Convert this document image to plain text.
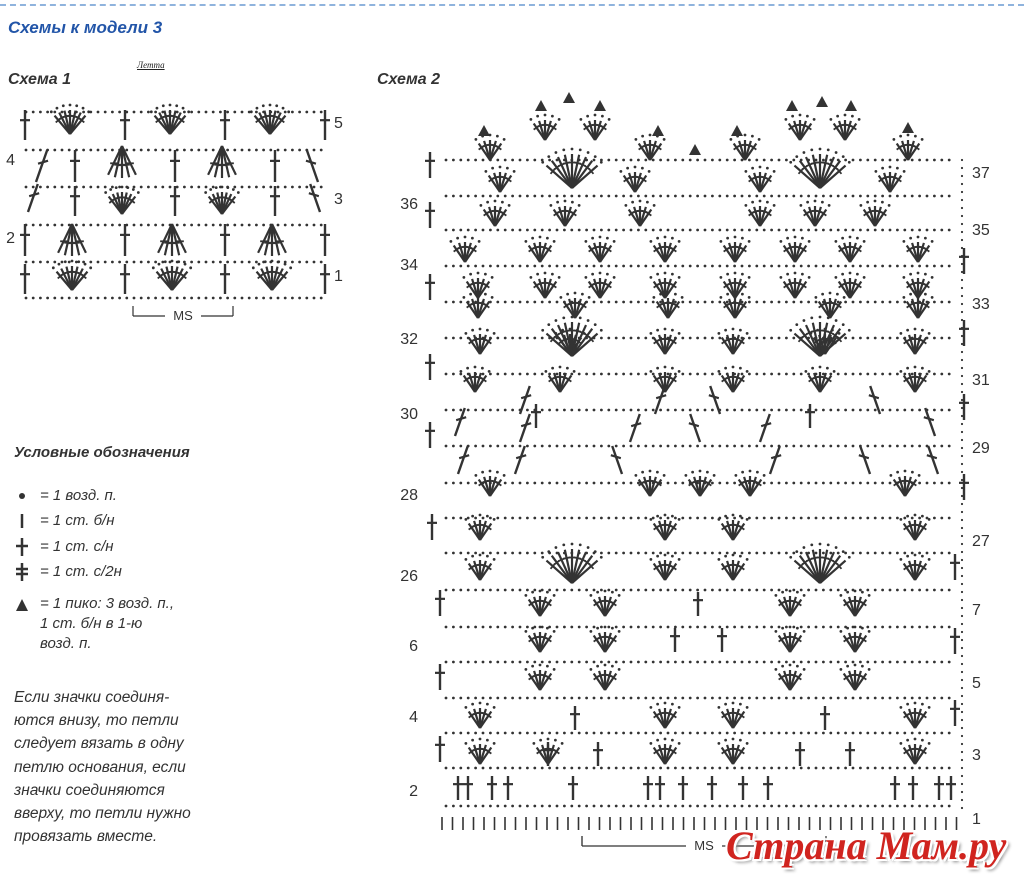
Схемы к модели 3
Летта
Схема 1	Схема 2
MS
MS
4
2
5
3
1
36
34
32
30
28
26
6
4
2
37
35
33
31
29
27
7
5
3
1
Условные обозначения
= 1 возд. п.
= 1 ст. б/н
= 1 ст. с/н
= 1 ст. с/2н
= 1 пико: 3 возд. п.,
1 ст. б/н в 1-ю
возд. п.
Если значки соединя-
ются внизу, то петли
следует вязать в одну
петлю основания, если
значки соединяются
вверху, то петли нужно
провязать вместе.	Страна Мам.ру
